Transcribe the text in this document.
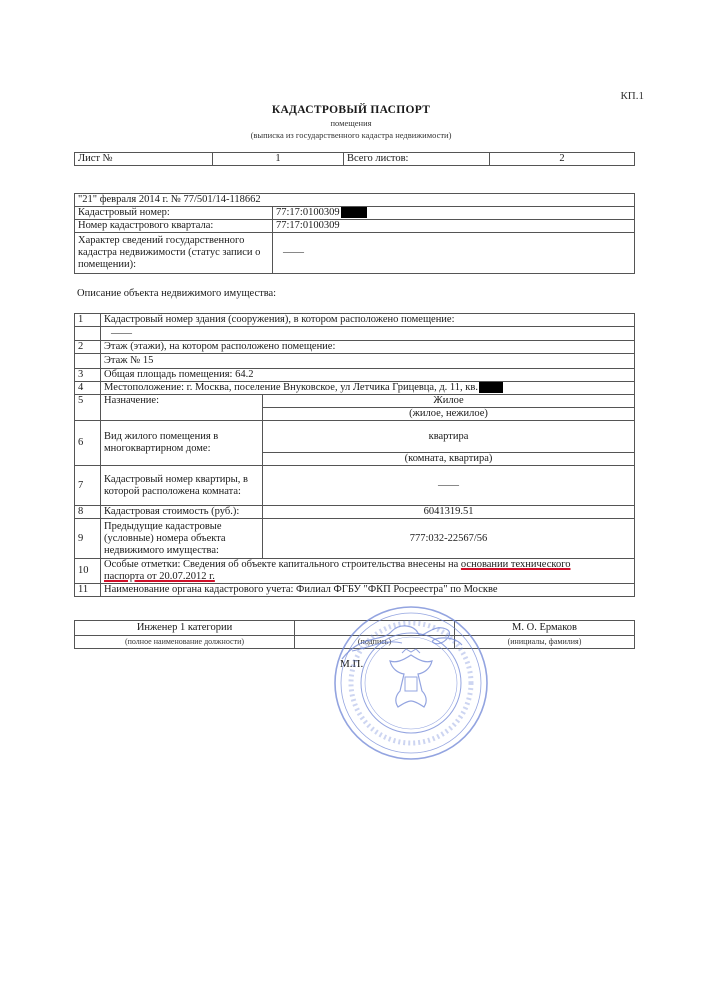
КП.1
КАДАСТРОВЫЙ ПАСПОРТ
помещения
(выписка из государственного кадастра недвижимости)
Лист №	1	Всего листов:	2
"21" февраля 2014 г. № 77/501/14-118662	
Кадастровый номер:	77:17:0100309
Номер кадастрового квартала:	77:17:0100309
Характер сведений государственного кадастра недвижимости (статус записи о помещении):	——
Описание объекта недвижимого имущества:
1	Кадастровый номер здания (сооружения), в котором расположено помещение:	
	——	
2	Этаж (этажи), на котором расположено помещение:	
	Этаж № 15	
3	Общая площадь помещения: 64.2	
4	Местоположение: г. Москва, поселение Внуковское, ул Летчика Грицевца, д. 11, кв.	
5	Назначение:	Жилое
		(жилое, нежилое)
6	Вид жилого помещения в многоквартирном доме:	квартира
		(комната, квартира)
7	Кадастровый номер квартиры, в которой расположена комната:	——
8	Кадастровая стоимость (руб.):	6041319.51
9	Предыдущие кадастровые (условные) номера объекта недвижимого имущества:	777:032-22567/56
10	Особые отметки: Сведения об объекте капитального строительства внесены на основании технического
паспорта от 20.07.2012 г.	
11	Наименование органа кадастрового учета: Филиал ФГБУ "ФКП Росреестра" по Москве	
Инженер 1 категории		М. О. Ермаков
(полное наименование должности)	(подпись)	(инициалы, фамилия)
М.П.
